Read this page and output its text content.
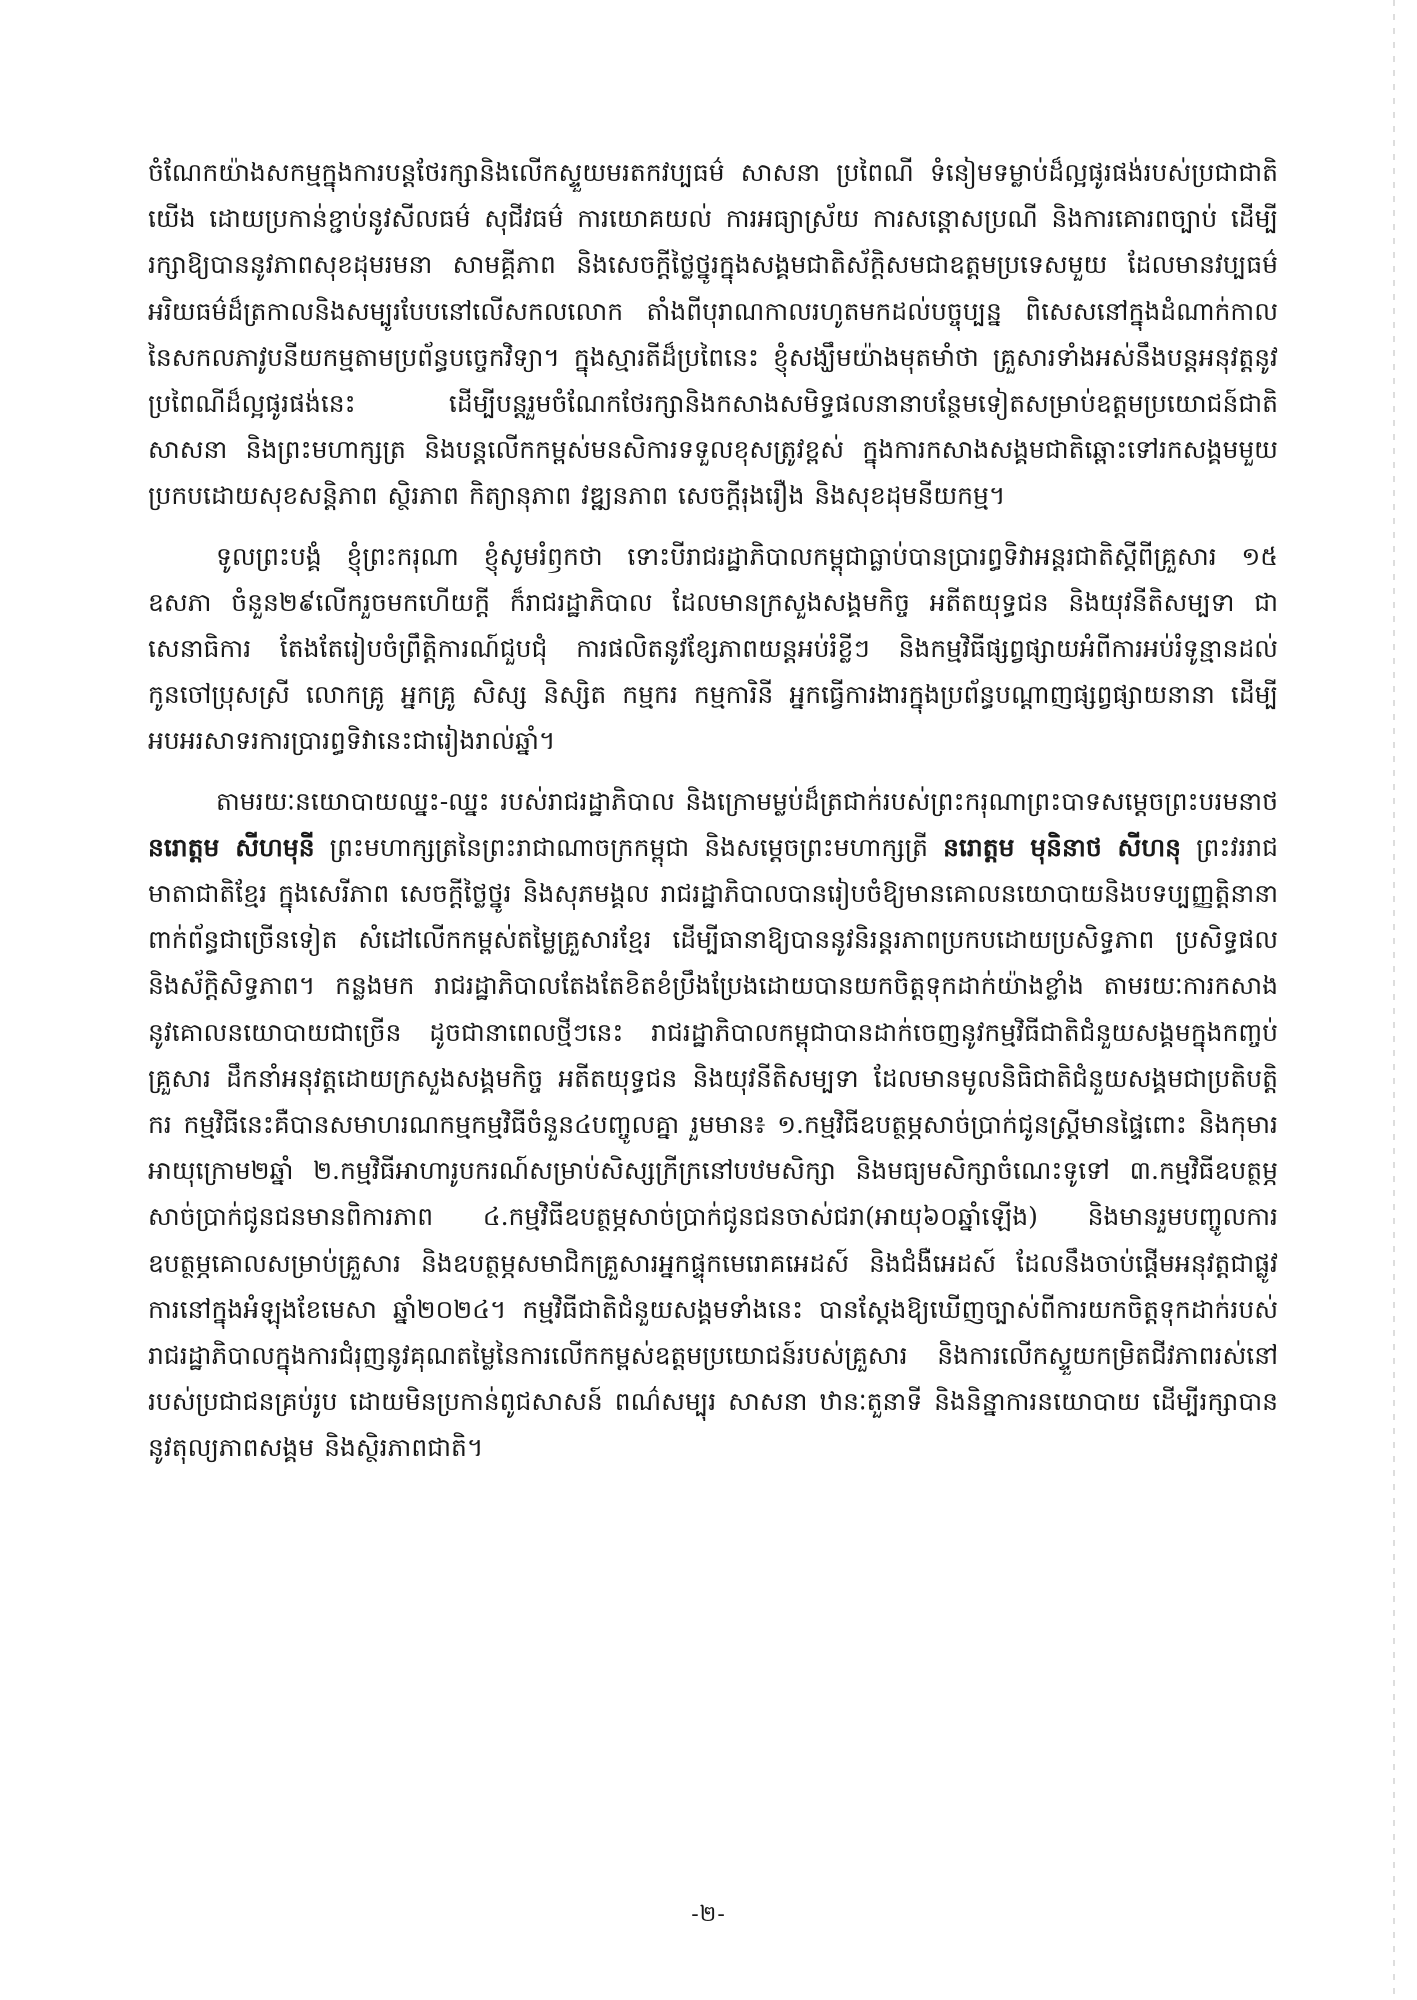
ចំណែកយ៉ាងសកម្មក្នុងការបន្តថែរក្សានិងលើកស្ទួយមរតកវប្បធម៌ សាសនា ប្រពៃណី ទំនៀមទម្លាប់ដ៏ល្អផូរផង់របស់ប្រជាជាតិយើង ដោយប្រកាន់ខ្ជាប់នូវសីលធម៌ សុជីវធម៌ ការយោគយល់ ការអធ្យាស្រ័យ ការសន្ដោសប្រណី និងការគោរពច្បាប់ ដើម្បីរក្សាឱ្យបាននូវភាពសុខដុមរមនា សាមគ្គីភាព និងសេចក្ដីថ្លៃថ្នូរក្នុងសង្គមជាតិស័ក្ដិសមជាឧត្តមប្រទេសមួយ ដែលមានវប្បធម៌ អរិយធម៌ដ៏ត្រកាលនិងសម្បូរបែបនៅលើសកលលោក តាំងពីបុរាណកាលរហូតមកដល់បច្ចុប្បន្ន ពិសេសនៅក្នុងដំណាក់កាលនៃសកលភាវូបនីយកម្មតាមប្រព័ន្ធបច្ចេកវិទ្យា។ ក្នុងស្មារតីដ៏ប្រពៃនេះ ខ្ញុំសង្ឃឹមយ៉ាងមុតមាំថា គ្រួសារទាំងអស់នឹងបន្តអនុវត្តនូវប្រពៃណីដ៏ល្អផូរផង់នេះ ដើម្បីបន្តរួមចំណែកថែរក្សានិងកសាងសមិទ្ធផលនានាបន្ថែមទៀតសម្រាប់ឧត្តមប្រយោជន៍ជាតិ សាសនា និងព្រះមហាក្សត្រ និងបន្តលើកកម្ពស់មនសិការទទួលខុសត្រូវខ្ពស់ ក្នុងការកសាងសង្គមជាតិឆ្ពោះទៅរកសង្គមមួយប្រកបដោយសុខសន្តិភាព ស្ថិរភាព កិត្យានុភាព វឌ្ឍនភាព សេចក្ដីរុងរឿង និងសុខដុមនីយកម្ម។

ទូលព្រះបង្គំ ខ្ញុំព្រះករុណា ខ្ញុំសូមរំឭកថា ទោះបីរាជរដ្ឋាភិបាលកម្ពុជាធ្លាប់បានប្រារព្ធទិវាអន្តរជាតិស្ដីពីគ្រួសារ ១៥ ឧសភា ចំនួន២៩លើករួចមកហើយក្តី ក៏រាជរដ្ឋាភិបាល ដែលមានក្រសួងសង្គមកិច្ច អតីតយុទ្ធជន និងយុវនីតិសម្បទា ជាសេនាធិការ តែងតែរៀបចំព្រឹត្តិការណ៍ជួបជុំ ការផលិតនូវខ្សែភាពយន្តអប់រំខ្លីៗ និងកម្មវិធីផ្សព្វផ្សាយអំពីការអប់រំទូន្មានដល់កូនចៅប្រុសស្រី លោកគ្រូ អ្នកគ្រូ សិស្ស និស្សិត កម្មករ កម្មការិនី អ្នកធ្វើការងារក្នុងប្រព័ន្ធបណ្ដាញផ្សព្វផ្សាយនានា ដើម្បីអបអរសាទរការប្រារព្ធទិវានេះជារៀងរាល់ឆ្នាំ។

តាមរយៈនយោបាយឈ្នះ-ឈ្នះ របស់រាជរដ្ឋាភិបាល និងក្រោមម្លប់ដ៏ត្រជាក់របស់ព្រះករុណាព្រះបាទសម្ដេចព្រះបរមនាថ នរោត្តម សីហមុនី ព្រះមហាក្សត្រនៃព្រះរាជាណាចក្រកម្ពុជា និងសម្ដេចព្រះមហាក្សត្រី នរោត្តម មុនិនាថ សីហនុ ព្រះវររាជមាតាជាតិខ្មែរ ក្នុងសេរីភាព សេចក្តីថ្លៃថ្នូរ និងសុភមង្គល រាជរដ្ឋាភិបាលបានរៀបចំឱ្យមានគោលនយោបាយនិងបទប្បញ្ញត្តិនានាពាក់ព័ន្ធជាច្រើនទៀត សំដៅលើកកម្ពស់តម្លៃគ្រួសារខ្មែរ ដើម្បីធានាឱ្យបាននូវនិរន្តរភាពប្រកបដោយប្រសិទ្ធភាព ប្រសិទ្ធផល និងស័ក្តិសិទ្ធភាព។ កន្លងមក រាជរដ្ឋាភិបាលតែងតែខិតខំប្រឹងប្រែងដោយបានយកចិត្តទុកដាក់យ៉ាងខ្លាំង តាមរយៈការកសាងនូវគោលនយោបាយជាច្រើន ដូចជានាពេលថ្មីៗនេះ រាជរដ្ឋាភិបាលកម្ពុជាបានដាក់ចេញនូវកម្មវិធីជាតិជំនួយសង្គមក្នុងកញ្ចប់គ្រួសារ ដឹកនាំអនុវត្តដោយក្រសួងសង្គមកិច្ច អតីតយុទ្ធជន និងយុវនីតិសម្បទា ដែលមានមូលនិធិជាតិជំនួយសង្គមជាប្រតិបត្តិករ កម្មវិធីនេះគឺបានសមាហរណកម្មកម្មវិធីចំនួន៤បញ្ចូលគ្នា រួមមាន៖ ១.កម្មវិធីឧបត្ថម្ភសាច់ប្រាក់ជូនស្ត្រីមានផ្ទៃពោះ និងកុមារអាយុក្រោម២ឆ្នាំ ២.កម្មវិធីអាហារូបករណ៍សម្រាប់សិស្សក្រីក្រនៅបឋមសិក្សា និងមធ្យមសិក្សាចំណេះទូទៅ ៣.កម្មវិធីឧបត្ថម្ភសាច់ប្រាក់ជូនជនមានពិការភាព ៤.កម្មវិធីឧបត្ថម្ភសាច់ប្រាក់ជូនជនចាស់ជរា(អាយុ៦០ឆ្នាំឡើង) និងមានរួមបញ្ចូលការឧបត្ថម្ភគោលសម្រាប់គ្រួសារ និងឧបត្ថម្ភសមាជិកគ្រួសារអ្នកផ្ទុកមេរោគអេដស៍ និងជំងឺអេដស៍ ដែលនឹងចាប់ផ្ដើមអនុវត្តជាផ្លូវការនៅក្នុងអំឡុងខែមេសា ឆ្នាំ២០២៤។ កម្មវិធីជាតិជំនួយសង្គមទាំងនេះ បានស្ដែងឱ្យឃើញច្បាស់ពីការយកចិត្តទុកដាក់របស់រាជរដ្ឋាភិបាលក្នុងការជំរុញនូវគុណតម្លៃនៃការលើកកម្ពស់ឧត្តមប្រយោជន៍របស់គ្រួសារ និងការលើកស្ទួយកម្រិតជីវភាពរស់នៅរបស់ប្រជាជនគ្រប់រូប ដោយមិនប្រកាន់ពូជសាសន៍ ពណ៌សម្បុរ សាសនា ឋានៈតួនាទី និងនិន្នាការនយោបាយ ដើម្បីរក្សាបាននូវតុល្យភាពសង្គម និងស្ថិរភាពជាតិ។

-២-
